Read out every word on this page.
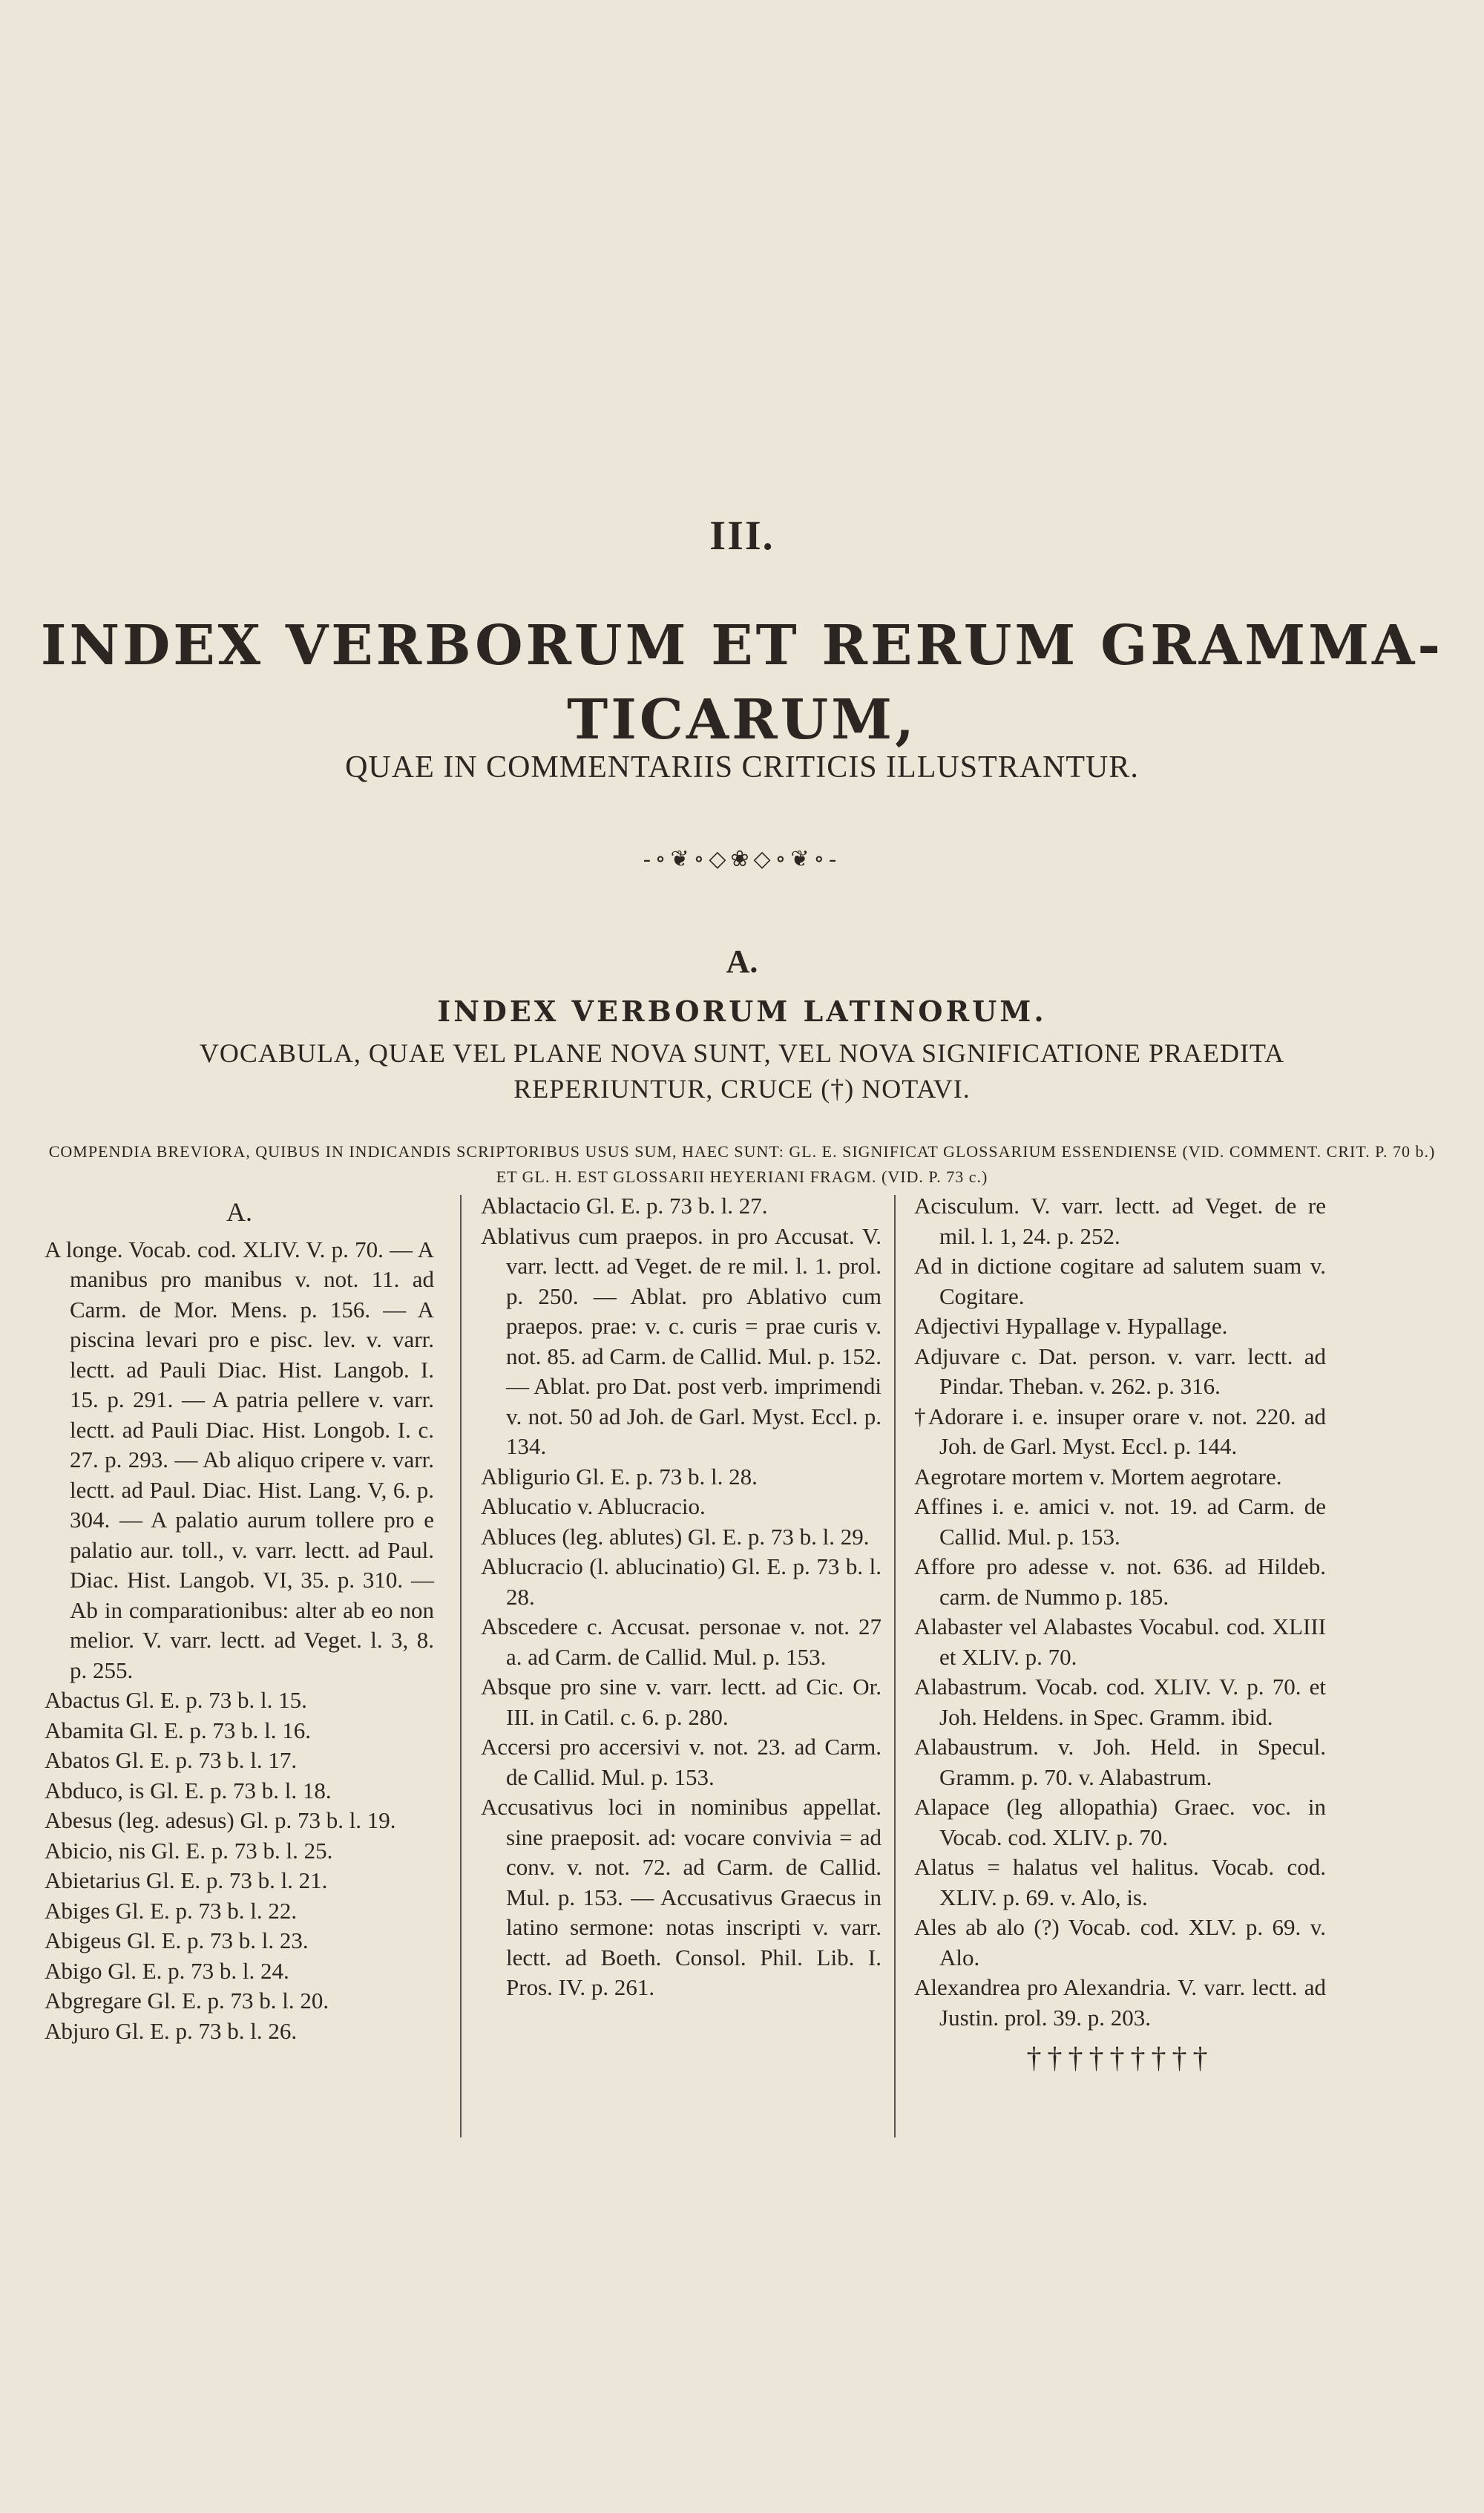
III.
INDEX VERBORUM ET RERUM GRAMMA-
TICARUM,
QUAE IN COMMENTARIIS CRITICIS ILLUSTRANTUR.
-∘❦∘◇❀◇∘❦∘-
A.
INDEX VERBORUM LATINORUM.
VOCABULA, QUAE VEL PLANE NOVA SUNT, VEL NOVA SIGNIFICATIONE PRAEDITA REPERIUNTUR, CRUCE (†) NOTAVI.
COMPENDIA BREVIORA, QUIBUS IN INDICANDIS SCRIPTORIBUS USUS SUM, HAEC SUNT: GL. E. SIGNIFICAT GLOSSARIUM ESSENDIENSE (VID. COMMENT. CRIT. P. 70 b.) ET GL. H. EST GLOSSARII HEYERIANI FRAGM. (VID. P. 73 c.)
A.
A longe. Vocab. cod. XLIV. V. p. 70. — A manibus pro manibus v. not. 11. ad Carm. de Mor. Mens. p. 156. — A piscina levari pro e pisc. lev. v. varr. lectt. ad Pauli Diac. Hist. Langob. I. 15. p. 291. — A patria pellere v. varr. lectt. ad Pauli Diac. Hist. Longob. I. c. 27. p. 293. — Ab aliquo cripere v. varr. lectt. ad Paul. Diac. Hist. Lang. V, 6. p. 304. — A palatio aurum tollere pro e palatio aur. toll., v. varr. lectt. ad Paul. Diac. Hist. Langob. VI, 35. p. 310. — Ab in comparationibus: alter ab eo non melior. V. varr. lectt. ad Veget. l. 3, 8. p. 255.
Abactus Gl. E. p. 73 b. l. 15.
Abamita Gl. E. p. 73 b. l. 16.
Abatos Gl. E. p. 73 b. l. 17.
Abduco, is Gl. E. p. 73 b. l. 18.
Abesus (leg. adesus) Gl. p. 73 b. l. 19.
Abicio, nis Gl. E. p. 73 b. l. 25.
Abietarius Gl. E. p. 73 b. l. 21.
Abiges Gl. E. p. 73 b. l. 22.
Abigeus Gl. E. p. 73 b. l. 23.
Abigo Gl. E. p. 73 b. l. 24.
Abgregare Gl. E. p. 73 b. l. 20.
Abjuro Gl. E. p. 73 b. l. 26.
Ablactacio Gl. E. p. 73 b. l. 27.
Ablativus cum praepos. in pro Accusat. V. varr. lectt. ad Veget. de re mil. l. 1. prol. p. 250. — Ablat. pro Ablativo cum praepos. prae: v. c. curis = prae curis v. not. 85. ad Carm. de Callid. Mul. p. 152. — Ablat. pro Dat. post verb. imprimendi v. not. 50 ad Joh. de Garl. Myst. Eccl. p. 134.
Abligurio Gl. E. p. 73 b. l. 28.
Ablucatio v. Ablucracio.
Abluces (leg. ablutes) Gl. E. p. 73 b. l. 29.
Ablucracio (l. ablucinatio) Gl. E. p. 73 b. l. 28.
Abscedere c. Accusat. personae v. not. 27 a. ad Carm. de Callid. Mul. p. 153.
Absque pro sine v. varr. lectt. ad Cic. Or. III. in Catil. c. 6. p. 280.
Accersi pro accersivi v. not. 23. ad Carm. de Callid. Mul. p. 153.
Accusativus loci in nominibus appellat. sine praeposit. ad: vocare convivia = ad conv. v. not. 72. ad Carm. de Callid. Mul. p. 153. — Accusativus Graecus in latino sermone: notas inscripti v. varr. lectt. ad Boeth. Consol. Phil. Lib. I. Pros. IV. p. 261.
Acisculum. V. varr. lectt. ad Veget. de re mil. l. 1, 24. p. 252.
Ad in dictione cogitare ad salutem suam v. Cogitare.
Adjectivi Hypallage v. Hypallage.
Adjuvare c. Dat. person. v. varr. lectt. ad Pindar. Theban. v. 262. p. 316.
†Adorare i. e. insuper orare v. not. 220. ad Joh. de Garl. Myst. Eccl. p. 144.
Aegrotare mortem v. Mortem aegrotare.
Affines i. e. amici v. not. 19. ad Carm. de Callid. Mul. p. 153.
Affore pro adesse v. not. 636. ad Hildeb. carm. de Nummo p. 185.
Alabaster vel Alabastes Vocabul. cod. XLIII et XLIV. p. 70.
Alabastrum. Vocab. cod. XLIV. V. p. 70. et Joh. Heldens. in Spec. Gramm. ibid.
Alabaustrum. v. Joh. Held. in Specul. Gramm. p. 70. v. Alabastrum.
Alapace (leg allopathia) Graec. voc. in Vocab. cod. XLIV. p. 70.
Alatus = halatus vel halitus. Vocab. cod. XLIV. p. 69. v. Alo, is.
Ales ab alo (?) Vocab. cod. XLV. p. 69. v. Alo.
Alexandrea pro Alexandria. V. varr. lectt. ad Justin. prol. 39. p. 203.
†††††††††
